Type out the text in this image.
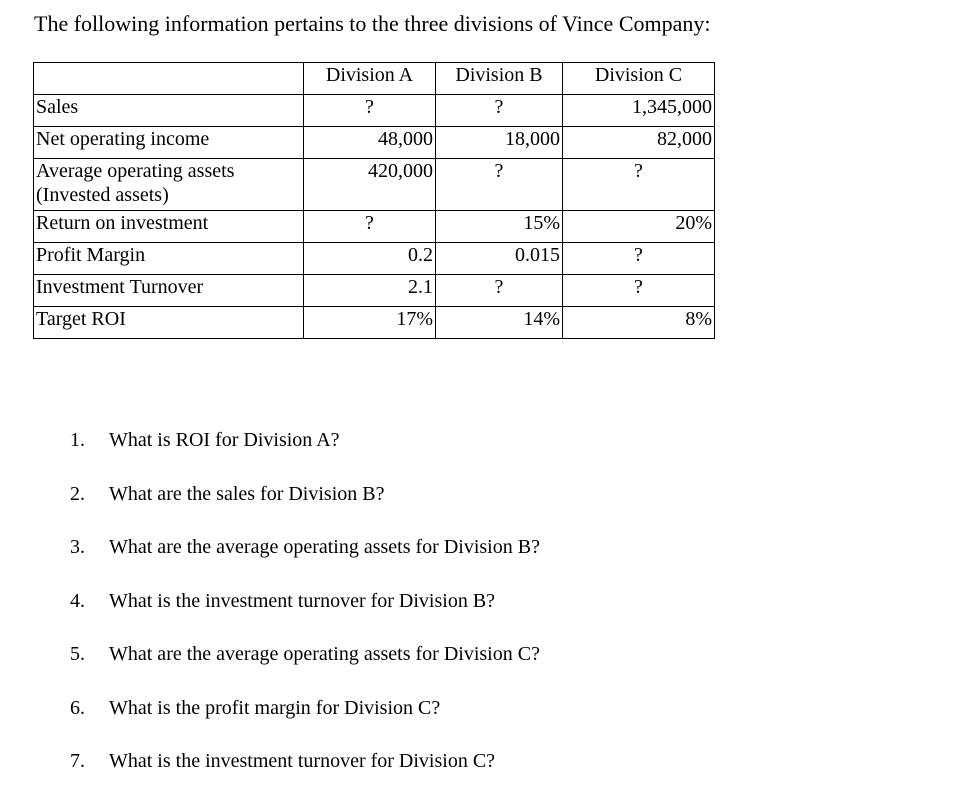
The following information pertains to the three divisions of Vince Company:
	Division A	Division B	Division C
Sales	?	?	1,345,000
Net operating income	48,000	18,000	82,000

Average operating assets
(Invested assets)	420,000	?	?
Return on investment	?	15%	20%
Profit Margin	0.2	0.015	?
Investment Turnover	2.1	?	?
Target ROI	17%	14%	8%
1. What is ROI for Division A?
2. What are the sales for Division B?
3. What are the average operating assets for Division B?
4. What is the investment turnover for Division B?
5. What are the average operating assets for Division C?
6. What is the profit margin for Division C?
7. What is the investment turnover for Division C?
